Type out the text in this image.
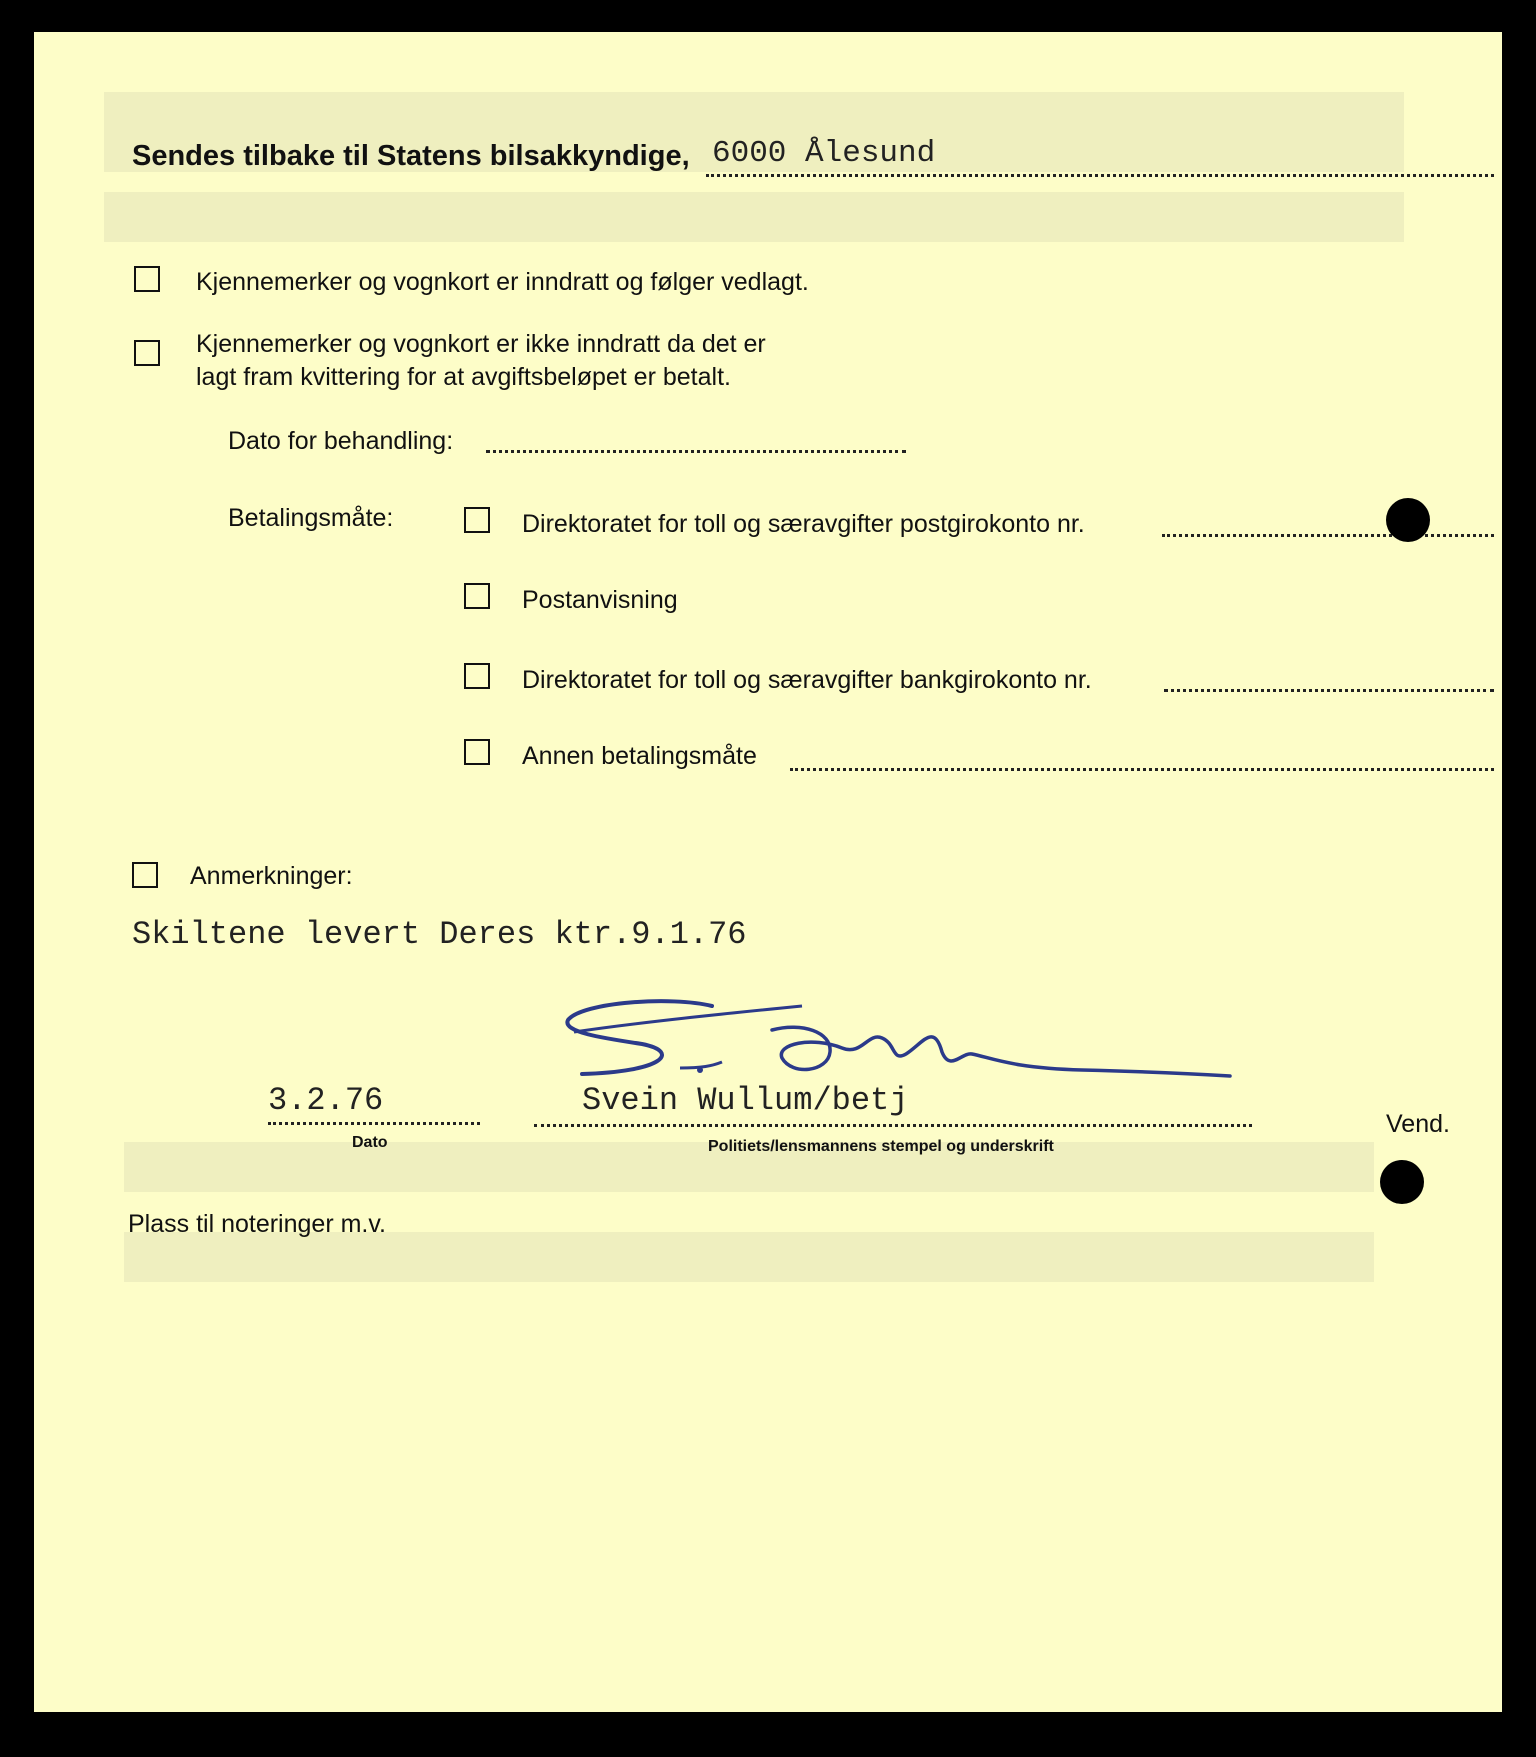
Sendes tilbake til Statens bilsakkyndige, 6000 Ålesund
Kjennemerker og vognkort er inndratt og følger vedlagt.
Kjennemerker og vognkort er ikke inndratt da det er
lagt fram kvittering for at avgiftsbeløpet er betalt.
Dato for behandling:
Betalingsmåte:	Direktoratet for toll og særavgifter postgirokonto nr.
Postanvisning
Direktoratet for toll og særavgifter bankgirokonto nr.
Annen betalingsmåte
Anmerkninger:
Skiltene levert Deres ktr.9.1.76
3.2.76
Dato
Svein Wullum/betj
Politiets/lensmannens stempel og underskrift
Vend.
Plass til noteringer m.v.
